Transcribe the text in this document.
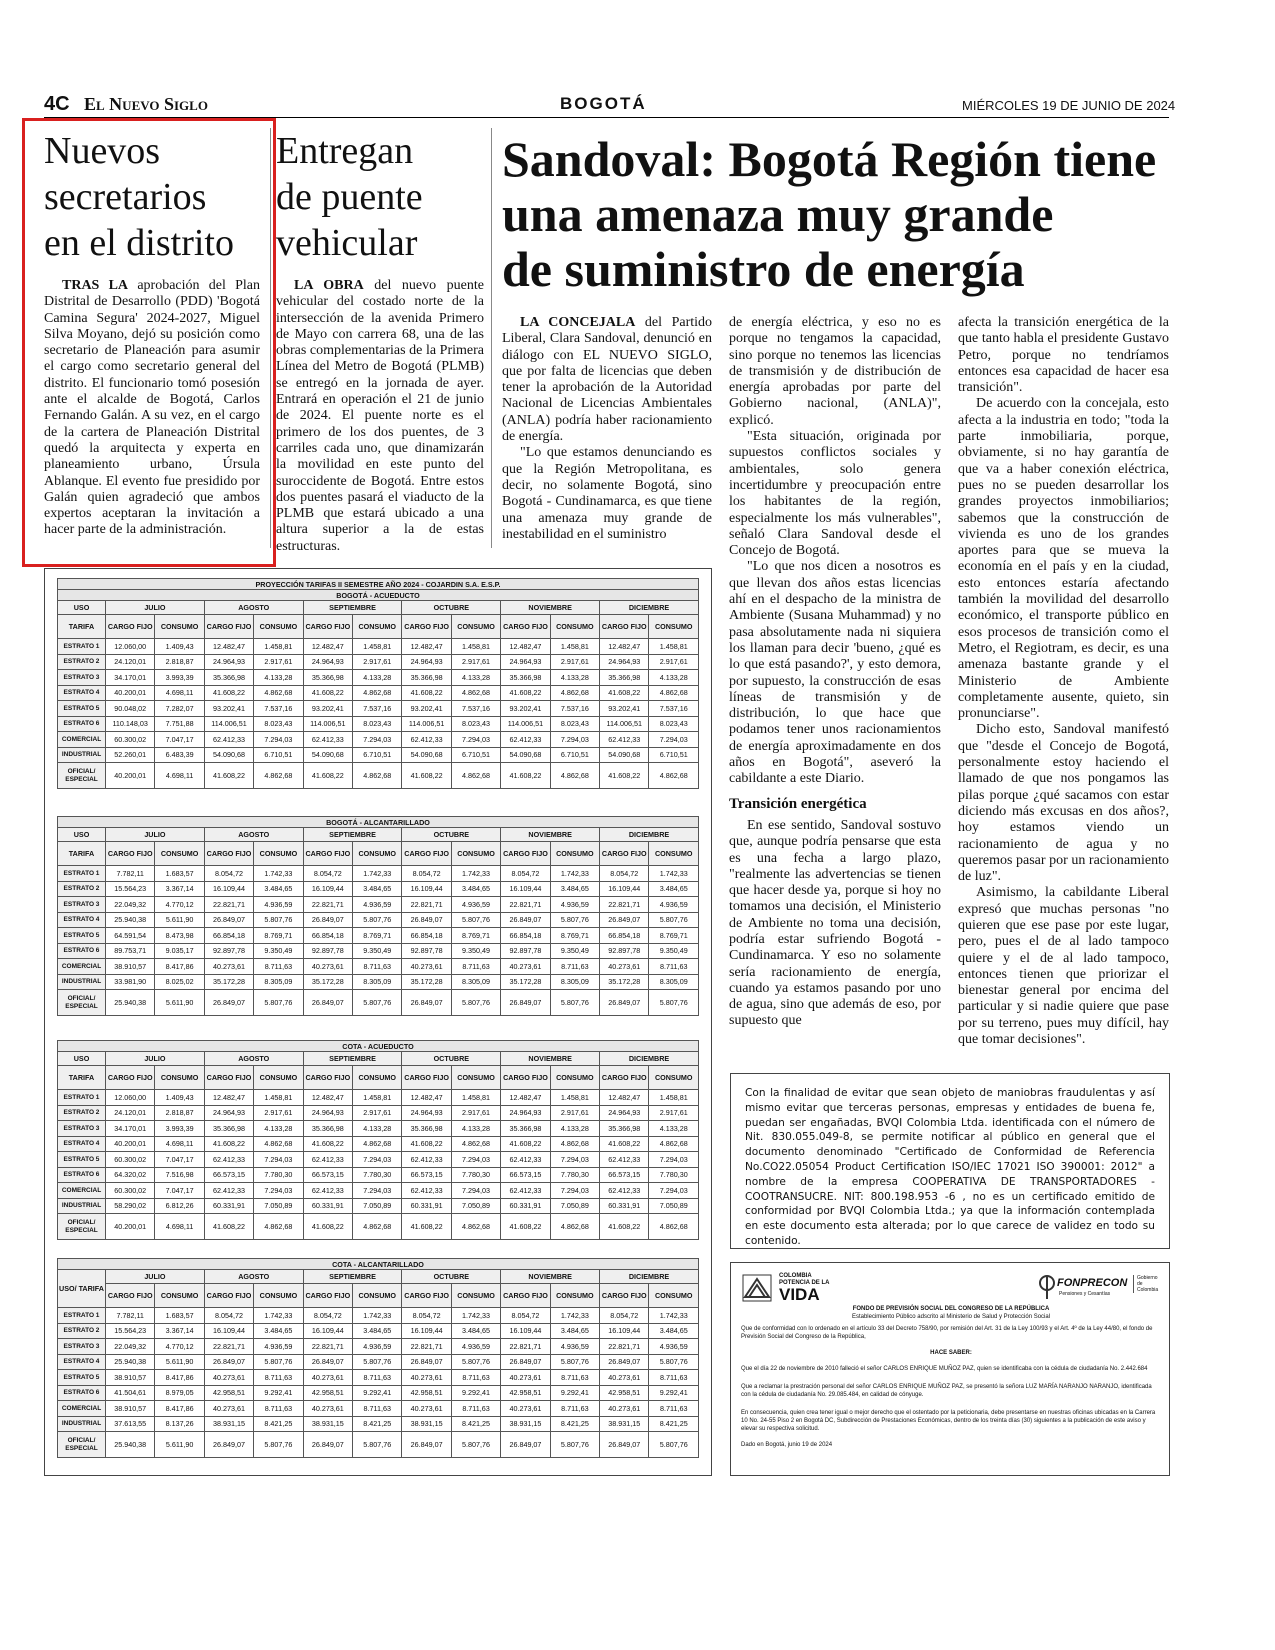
4C El Nuevo Siglo	BOGOTÁ	MIÉRCOLES 19 DE JUNIO DE 2024
Nuevos
secretarios
en el distrito

TRAS LA aprobación del Plan Distrital de Desarrollo (PDD) 'Bogotá Camina Segura' 2024-2027, Miguel Silva Moyano, dejó su posición como secretario de Planeación para asumir el cargo como secretario general del distrito. El funcionario tomó posesión ante el alcalde de Bogotá, Carlos Fernando Galán. A su vez, en el cargo de la cartera de Planeación Distrital quedó la arquitecta y experta en planeamiento urbano, Úrsula Ablanque. El evento fue presidido por Galán quien agradeció que ambos expertos aceptaran la invitación a hacer parte de la administración.

Entregan
de puente
vehicular

LA OBRA del nuevo puente vehicular del costado norte de la intersección de la avenida Primero de Mayo con carrera 68, una de las obras complementarias de la Primera Línea del Metro de Bogotá (PLMB) se entregó en la jornada de ayer. Entrará en operación el 21 de junio de 2024. El puente norte es el primero de los dos puentes, de 3 carriles cada uno, que dinamizarán la movilidad en este punto del suroccidente de Bogotá. Entre estos dos puentes pasará el viaducto de la PLMB que estará ubicado a una altura superior a la de estas estructuras.

Sandoval: Bogotá Región tiene
una amenaza muy grande
de suministro de energía

LA CONCEJALA del Partido Liberal, Clara Sandoval, denunció en diálogo con EL NUEVO SIGLO, que por falta de licencias que deben tener la aprobación de la Autoridad Nacional de Licencias Ambientales (ANLA) podría haber racionamiento de energía.

"Lo que estamos denunciando es que la Región Metropolitana, es decir, no solamente Bogotá, sino Bogotá - Cundinamarca, es que tiene una amenaza muy grande de inestabilidad en el suministro

de energía eléctrica, y eso no es porque no tengamos la capacidad, sino porque no tenemos las licencias de transmisión y de distribución de energía aprobadas por parte del Gobierno nacional, (ANLA)", explicó.

"Esta situación, originada por supuestos conflictos sociales y ambientales, solo genera incertidumbre y preocupación entre los habitantes de la región, especialmente los más vulnerables", señaló Clara Sandoval desde el Concejo de Bogotá.

"Lo que nos dicen a nosotros es que llevan dos años estas licencias ahí en el despacho de la ministra de Ambiente (Susana Muhammad) y no pasa absolutamente nada ni siquiera los llaman para decir 'bueno, ¿qué es lo que está pasando?', y esto demora, por supuesto, la construcción de esas líneas de transmisión y de distribución, lo que hace que podamos tener unos racionamientos de energía aproximadamente en dos años en Bogotá", aseveró la cabildante a este Diario.

Transición energética

En ese sentido, Sandoval sostuvo que, aunque podría pensarse que esta es una fecha a largo plazo, "realmente las advertencias se tienen que hacer desde ya, porque si hoy no tomamos una decisión, el Ministerio de Ambiente no toma una decisión, podría estar sufriendo Bogotá - Cundinamarca. Y eso no solamente sería racionamiento de energía, cuando ya estamos pasando por uno de agua, sino que además de eso, por supuesto que

afecta la transición energética de la que tanto habla el presidente Gustavo Petro, porque no tendríamos entonces esa capacidad de hacer esa transición".

De acuerdo con la concejala, esto afecta a la industria en todo; "toda la parte inmobiliaria, porque, obviamente, si no hay garantía de que va a haber conexión eléctrica, pues no se pueden desarrollar los grandes proyectos inmobiliarios; sabemos que la construcción de vivienda es uno de los grandes aportes para que se mueva la economía en el país y en la ciudad, esto entonces estaría afectando también la movilidad del desarrollo económico, el transporte público en esos procesos de transición como el Metro, el Regiotram, es decir, es una amenaza bastante grande y el Ministerio de Ambiente completamente ausente, quieto, sin pronunciarse".

Dicho esto, Sandoval manifestó que "desde el Concejo de Bogotá, personalmente estoy haciendo el llamado de que nos pongamos las pilas porque ¿qué sacamos con estar diciendo más excusas en dos años?, hoy estamos viendo un racionamiento de agua y no queremos pasar por un racionamiento de luz".

Asimismo, la cabildante Liberal expresó que muchas personas "no quieren que ese pase por este lugar, pero, pues el de al lado tampoco quiere y el de al lado tampoco, entonces tienen que priorizar el bienestar general por encima del particular y si nadie quiere que pase por su terreno, pues muy difícil, hay que tomar decisiones".

PROYECCIÓN TARIFAS II SEMESTRE AÑO 2024 - COJARDIN S.A. E.S.P.												
BOGOTÁ - ACUEDUCTO												
USO	JULIO		AGOSTO		SEPTIEMBRE		OCTUBRE		NOVIEMBRE		DICIEMBRE	
TARIFA	CARGO FIJO	CONSUMO	CARGO FIJO	CONSUMO	CARGO FIJO	CONSUMO	CARGO FIJO	CONSUMO	CARGO FIJO	CONSUMO	CARGO FIJO	CONSUMO
ESTRATO 1	12.060,00	1.409,43	12.482,47	1.458,81	12.482,47	1.458,81	12.482,47	1.458,81	12.482,47	1.458,81	12.482,47	1.458,81
ESTRATO 2	24.120,01	2.818,87	24.964,93	2.917,61	24.964,93	2.917,61	24.964,93	2.917,61	24.964,93	2.917,61	24.964,93	2.917,61
ESTRATO 3	34.170,01	3.993,39	35.366,98	4.133,28	35.366,98	4.133,28	35.366,98	4.133,28	35.366,98	4.133,28	35.366,98	4.133,28
ESTRATO 4	40.200,01	4.698,11	41.608,22	4.862,68	41.608,22	4.862,68	41.608,22	4.862,68	41.608,22	4.862,68	41.608,22	4.862,68
ESTRATO 5	90.048,02	7.282,07	93.202,41	7.537,16	93.202,41	7.537,16	93.202,41	7.537,16	93.202,41	7.537,16	93.202,41	7.537,16
ESTRATO 6	110.148,03	7.751,88	114.006,51	8.023,43	114.006,51	8.023,43	114.006,51	8.023,43	114.006,51	8.023,43	114.006,51	8.023,43
COMERCIAL	60.300,02	7.047,17	62.412,33	7.294,03	62.412,33	7.294,03	62.412,33	7.294,03	62.412,33	7.294,03	62.412,33	7.294,03
INDUSTRIAL	52.260,01	6.483,39	54.090,68	6.710,51	54.090,68	6.710,51	54.090,68	6.710,51	54.090,68	6.710,51	54.090,68	6.710,51
OFICIAL/ ESPECIAL	40.200,01	4.698,11	41.608,22	4.862,68	41.608,22	4.862,68	41.608,22	4.862,68	41.608,22	4.862,68	41.608,22	4.862,68
BOGOTÁ - ALCANTARILLADO												
USO	JULIO		AGOSTO		SEPTIEMBRE		OCTUBRE		NOVIEMBRE		DICIEMBRE	
TARIFA	CARGO FIJO	CONSUMO	CARGO FIJO	CONSUMO	CARGO FIJO	CONSUMO	CARGO FIJO	CONSUMO	CARGO FIJO	CONSUMO	CARGO FIJO	CONSUMO
ESTRATO 1	7.782,11	1.683,57	8.054,72	1.742,33	8.054,72	1.742,33	8.054,72	1.742,33	8.054,72	1.742,33	8.054,72	1.742,33
ESTRATO 2	15.564,23	3.367,14	16.109,44	3.484,65	16.109,44	3.484,65	16.109,44	3.484,65	16.109,44	3.484,65	16.109,44	3.484,65
ESTRATO 3	22.049,32	4.770,12	22.821,71	4.936,59	22.821,71	4.936,59	22.821,71	4.936,59	22.821,71	4.936,59	22.821,71	4.936,59
ESTRATO 4	25.940,38	5.611,90	26.849,07	5.807,76	26.849,07	5.807,76	26.849,07	5.807,76	26.849,07	5.807,76	26.849,07	5.807,76
ESTRATO 5	64.591,54	8.473,98	66.854,18	8.769,71	66.854,18	8.769,71	66.854,18	8.769,71	66.854,18	8.769,71	66.854,18	8.769,71
ESTRATO 6	89.753,71	9.035,17	92.897,78	9.350,49	92.897,78	9.350,49	92.897,78	9.350,49	92.897,78	9.350,49	92.897,78	9.350,49
COMERCIAL	38.910,57	8.417,86	40.273,61	8.711,63	40.273,61	8.711,63	40.273,61	8.711,63	40.273,61	8.711,63	40.273,61	8.711,63
INDUSTRIAL	33.981,90	8.025,02	35.172,28	8.305,09	35.172,28	8.305,09	35.172,28	8.305,09	35.172,28	8.305,09	35.172,28	8.305,09
OFICIAL/ ESPECIAL	25.940,38	5.611,90	26.849,07	5.807,76	26.849,07	5.807,76	26.849,07	5.807,76	26.849,07	5.807,76	26.849,07	5.807,76
COTA - ACUEDUCTO												
USO	JULIO		AGOSTO		SEPTIEMBRE		OCTUBRE		NOVIEMBRE		DICIEMBRE	
TARIFA	CARGO FIJO	CONSUMO	CARGO FIJO	CONSUMO	CARGO FIJO	CONSUMO	CARGO FIJO	CONSUMO	CARGO FIJO	CONSUMO	CARGO FIJO	CONSUMO
ESTRATO 1	12.060,00	1.409,43	12.482,47	1.458,81	12.482,47	1.458,81	12.482,47	1.458,81	12.482,47	1.458,81	12.482,47	1.458,81
ESTRATO 2	24.120,01	2.818,87	24.964,93	2.917,61	24.964,93	2.917,61	24.964,93	2.917,61	24.964,93	2.917,61	24.964,93	2.917,61
ESTRATO 3	34.170,01	3.993,39	35.366,98	4.133,28	35.366,98	4.133,28	35.366,98	4.133,28	35.366,98	4.133,28	35.366,98	4.133,28
ESTRATO 4	40.200,01	4.698,11	41.608,22	4.862,68	41.608,22	4.862,68	41.608,22	4.862,68	41.608,22	4.862,68	41.608,22	4.862,68
ESTRATO 5	60.300,02	7.047,17	62.412,33	7.294,03	62.412,33	7.294,03	62.412,33	7.294,03	62.412,33	7.294,03	62.412,33	7.294,03
ESTRATO 6	64.320,02	7.516,98	66.573,15	7.780,30	66.573,15	7.780,30	66.573,15	7.780,30	66.573,15	7.780,30	66.573,15	7.780,30
COMERCIAL	60.300,02	7.047,17	62.412,33	7.294,03	62.412,33	7.294,03	62.412,33	7.294,03	62.412,33	7.294,03	62.412,33	7.294,03
INDUSTRIAL	58.290,02	6.812,26	60.331,91	7.050,89	60.331,91	7.050,89	60.331,91	7.050,89	60.331,91	7.050,89	60.331,91	7.050,89
OFICIAL/ ESPECIAL	40.200,01	4.698,11	41.608,22	4.862,68	41.608,22	4.862,68	41.608,22	4.862,68	41.608,22	4.862,68	41.608,22	4.862,68
COTA - ALCANTARILLADO												
USO/ TARIFA	JULIO		AGOSTO		SEPTIEMBRE		OCTUBRE		NOVIEMBRE		DICIEMBRE	
	CARGO FIJO	CONSUMO	CARGO FIJO	CONSUMO	CARGO FIJO	CONSUMO	CARGO FIJO	CONSUMO	CARGO FIJO	CONSUMO	CARGO FIJO	CONSUMO
ESTRATO 1	7.782,11	1.683,57	8.054,72	1.742,33	8.054,72	1.742,33	8.054,72	1.742,33	8.054,72	1.742,33	8.054,72	1.742,33
ESTRATO 2	15.564,23	3.367,14	16.109,44	3.484,65	16.109,44	3.484,65	16.109,44	3.484,65	16.109,44	3.484,65	16.109,44	3.484,65
ESTRATO 3	22.049,32	4.770,12	22.821,71	4.936,59	22.821,71	4.936,59	22.821,71	4.936,59	22.821,71	4.936,59	22.821,71	4.936,59
ESTRATO 4	25.940,38	5.611,90	26.849,07	5.807,76	26.849,07	5.807,76	26.849,07	5.807,76	26.849,07	5.807,76	26.849,07	5.807,76
ESTRATO 5	38.910,57	8.417,86	40.273,61	8.711,63	40.273,61	8.711,63	40.273,61	8.711,63	40.273,61	8.711,63	40.273,61	8.711,63
ESTRATO 6	41.504,61	8.979,05	42.958,51	9.292,41	42.958,51	9.292,41	42.958,51	9.292,41	42.958,51	9.292,41	42.958,51	9.292,41
COMERCIAL	38.910,57	8.417,86	40.273,61	8.711,63	40.273,61	8.711,63	40.273,61	8.711,63	40.273,61	8.711,63	40.273,61	8.711,63
INDUSTRIAL	37.613,55	8.137,26	38.931,15	8.421,25	38.931,15	8.421,25	38.931,15	8.421,25	38.931,15	8.421,25	38.931,15	8.421,25
OFICIAL/ ESPECIAL	25.940,38	5.611,90	26.849,07	5.807,76	26.849,07	5.807,76	26.849,07	5.807,76	26.849,07	5.807,76	26.849,07	5.807,76
Con la finalidad de evitar que sean objeto de maniobras fraudulentas y así mismo evitar que terceras personas, empresas y entidades de buena fe, puedan ser engañadas, BVQI Colombia Ltda. identificada con el número de Nit. 830.055.049-8, se permite notificar al público en general que el documento denominado "Certificado de Conformidad de Referencia No.CO22.05054 Product Certification ISO/IEC 17021 ISO 390001: 2012" a nombre de la empresa COOPERATIVA DE TRANSPORTADORES - COOTRANSUCRE. NIT: 800.198.953 -6 , no es un certificado emitido de conformidad por BVQI Colombia Ltda.; ya que la información contemplada en este documento esta alterada; por lo que carece de validez en todo su contenido.
COLOMBIA POTENCIA DE LA
VIDA
FONPRECON
Pensiones y Cesantías
Gobierno de Colombia
FONDO DE PREVISIÓN SOCIAL DEL CONGRESO DE LA REPÚBLICA
Establecimiento Público adscrito al Ministerio de Salud y Protección Social
Que de conformidad con lo ordenado en el artículo 33 del Decreto 758/90, por remisión del Art. 31 de la Ley 100/93 y el Art. 4º de la Ley 44/80, el fondo de Previsión Social del Congreso de la República,
HACE SABER:
Que el día 22 de noviembre de 2010 falleció el señor CARLOS ENRIQUE MUÑOZ PAZ, quien se identificaba con la cédula de ciudadanía No. 2.442.684
Que a reclamar la prestración personal del señor CARLOS ENRIQUE MUÑOZ PAZ, se presentó la señora LUZ MARÍA NARANJO NARANJO, identificada con la cédula de ciudadanía No. 29.085.484, en calidad de cónyuge.
En consecuencia, quien crea tener igual o mejor derecho que el ostentado por la peticionaria, debe presentarse en nuestras oficinas ubicadas en la Carrera 10 No. 24-55 Piso 2 en Bogotá DC, Subdirección de Prestaciones Económicas, dentro de los treinta días (30) siguientes a la publicación de este aviso y elevar su respectiva solicitud.
Dado en Bogotá, junio 19 de 2024
